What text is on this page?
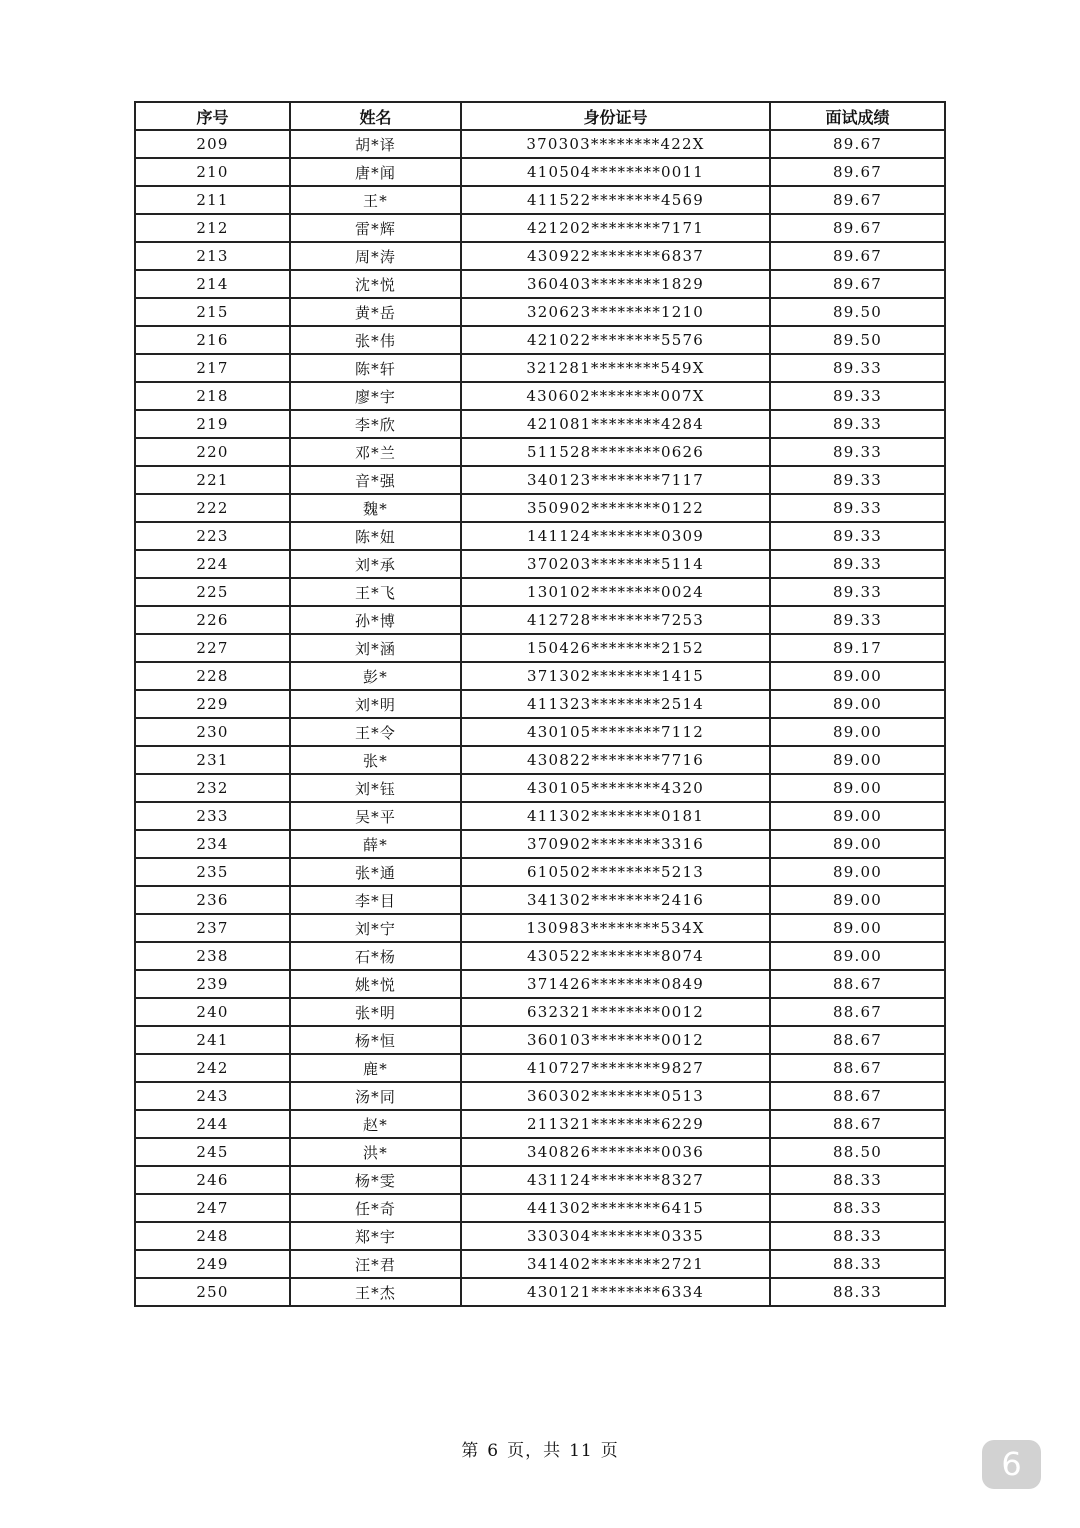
序号	姓名	身份证号	面试成绩
209	胡*译	370303********422X	89.67
210	唐*闻	410504********0011	89.67
211	王*	411522********4569	89.67
212	雷*辉	421202********7171	89.67
213	周*涛	430922********6837	89.67
214	沈*悦	360403********1829	89.67
215	黄*岳	320623********1210	89.50
216	张*伟	421022********5576	89.50
217	陈*轩	321281********549X	89.33
218	廖*宇	430602********007X	89.33
219	李*欣	421081********4284	89.33
220	邓*兰	511528********0626	89.33
221	音*强	340123********7117	89.33
222	魏*	350902********0122	89.33
223	陈*妞	141124********0309	89.33
224	刘*承	370203********5114	89.33
225	王*飞	130102********0024	89.33
226	孙*博	412728********7253	89.33
227	刘*涵	150426********2152	89.17
228	彭*	371302********1415	89.00
229	刘*明	411323********2514	89.00
230	王*令	430105********7112	89.00
231	张*	430822********7716	89.00
232	刘*钰	430105********4320	89.00
233	吴*平	411302********0181	89.00
234	薛*	370902********3316	89.00
235	张*通	610502********5213	89.00
236	李*目	341302********2416	89.00
237	刘*宁	130983********534X	89.00
238	石*杨	430522********8074	89.00
239	姚*悦	371426********0849	88.67
240	张*明	632321********0012	88.67
241	杨*恒	360103********0012	88.67
242	鹿*	410727********9827	88.67
243	汤*同	360302********0513	88.67
244	赵*	211321********6229	88.67
245	洪*	340826********0036	88.50
246	杨*雯	431124********8327	88.33
247	任*奇	441302********6415	88.33
248	郑*宇	330304********0335	88.33
249	汪*君	341402********2721	88.33
250	王*杰	430121********6334	88.33
第 6 页，共 11 页	6
